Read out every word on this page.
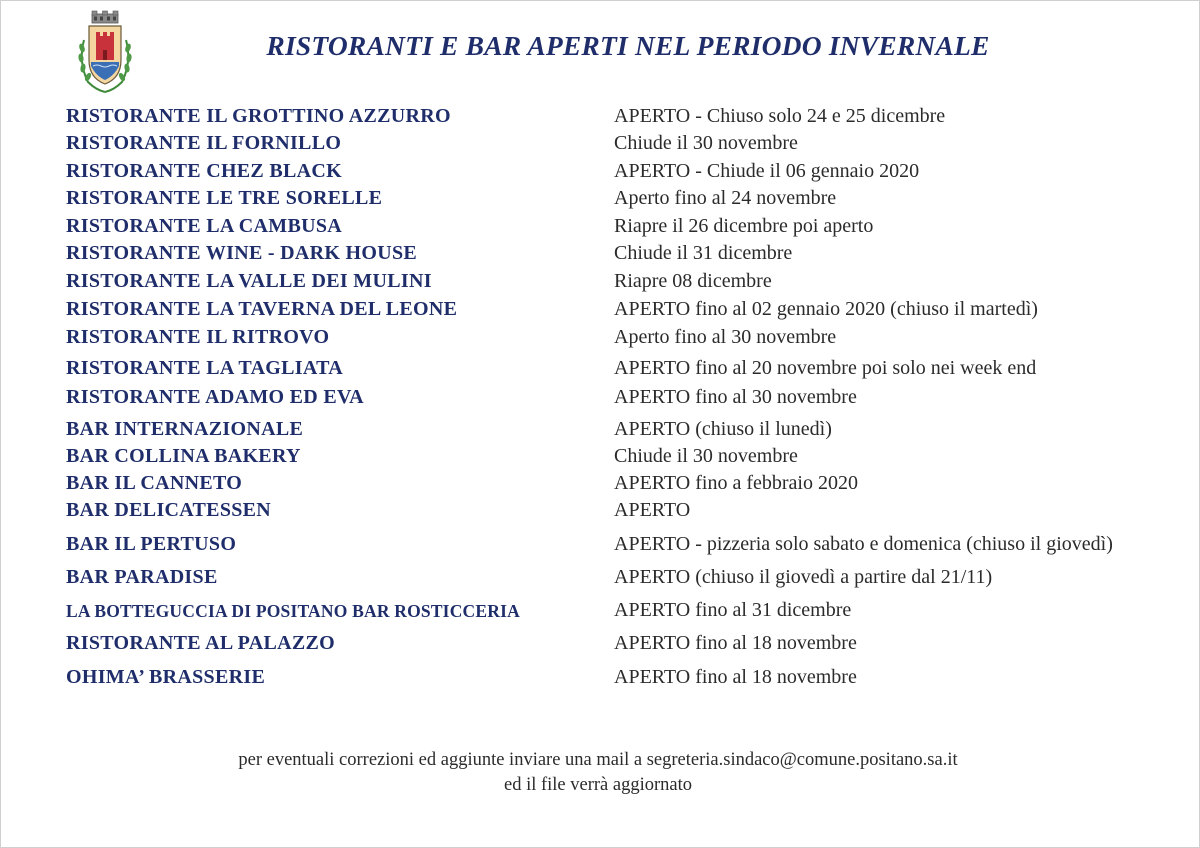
RISTORANTI E BAR APERTI NEL PERIODO INVERNALE
RISTORANTE IL GROTTINO AZZURRO	APERTO - Chiuso solo 24 e 25 dicembre
RISTORANTE IL FORNILLO	Chiude il 30 novembre
RISTORANTE CHEZ BLACK	APERTO - Chiude il 06 gennaio 2020
RISTORANTE LE TRE SORELLE	Aperto fino al 24 novembre
RISTORANTE LA CAMBUSA	Riapre il 26 dicembre poi aperto
RISTORANTE WINE - DARK HOUSE	Chiude il 31 dicembre
RISTORANTE LA VALLE DEI MULINI	Riapre 08 dicembre
RISTORANTE LA TAVERNA DEL LEONE	APERTO fino al 02 gennaio 2020 (chiuso il martedì)
RISTORANTE IL RITROVO	Aperto fino al 30 novembre
RISTORANTE LA TAGLIATA	APERTO fino al 20 novembre poi solo nei week end
RISTORANTE ADAMO ED EVA	APERTO fino al 30 novembre
BAR INTERNAZIONALE	APERTO (chiuso il lunedì)
BAR COLLINA BAKERY	Chiude il 30 novembre
BAR IL CANNETO	APERTO fino a febbraio 2020
BAR DELICATESSEN	APERTO
BAR IL PERTUSO	APERTO - pizzeria solo sabato e domenica (chiuso il giovedì)
BAR PARADISE	APERTO (chiuso il giovedì a partire dal 21/11)
LA BOTTEGUCCIA DI POSITANO BAR ROSTICCERIA	APERTO fino al 31 dicembre
RISTORANTE AL PALAZZO	APERTO fino al 18 novembre
OHIMA’ BRASSERIE	APERTO fino al 18 novembre
per eventuali correzioni ed aggiunte inviare una mail a segreteria.sindaco@comune.positano.sa.it
ed il file verrà aggiornato
